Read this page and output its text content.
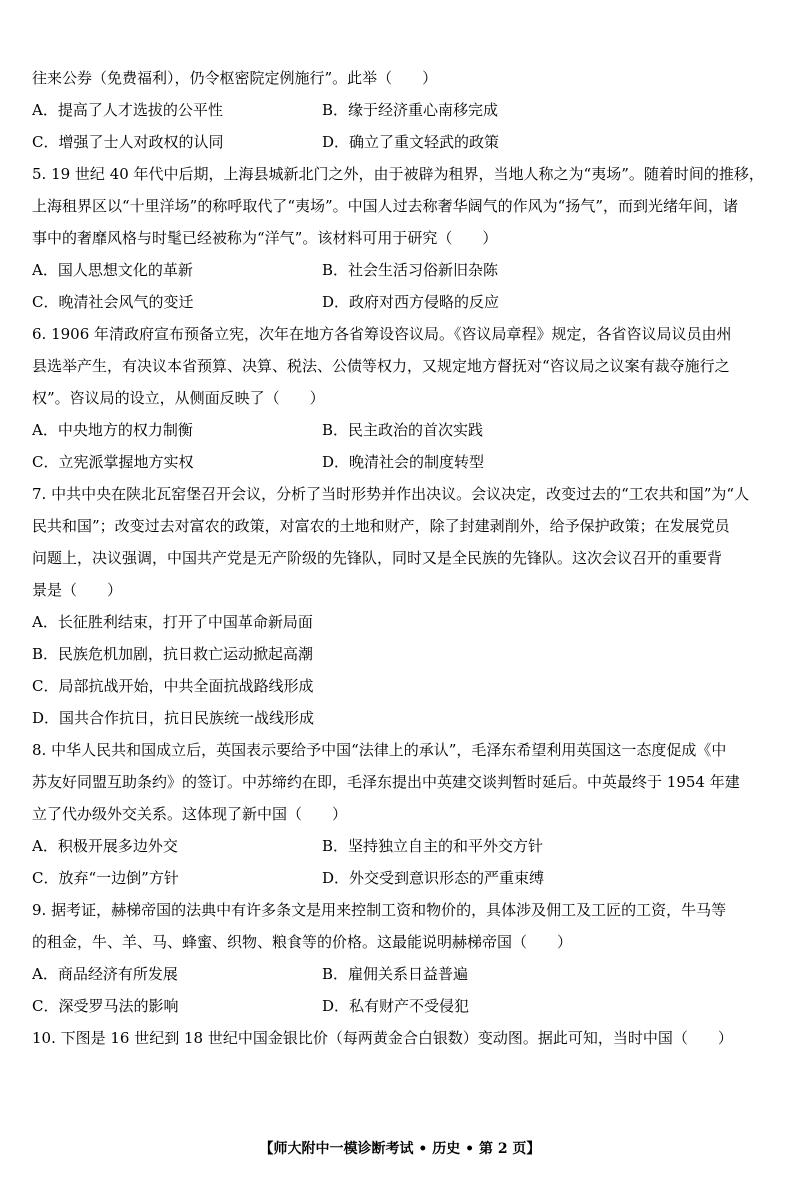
往来公券（免费福利），仍令枢密院定例施行”。此举（　　）
A．提高了人才选拔的公平性	B．缘于经济重心南移完成
C．增强了士人对政权的认同	D．确立了重文轻武的政策
5. 19 世纪 40 年代中后期，上海县城新北门之外，由于被辟为租界，当地人称之为“夷场”。随着时间的推移，
上海租界区以“十里洋场”的称呼取代了“夷场”。中国人过去称奢华阔气的作风为“扬气”，而到光绪年间，诸
事中的奢靡风格与时髦已经被称为“洋气”。该材料可用于研究（　　）
A．国人思想文化的革新	B．社会生活习俗新旧杂陈
C．晚清社会风气的变迁	D．政府对西方侵略的反应
6. 1906 年清政府宣布预备立宪，次年在地方各省筹设咨议局。《咨议局章程》规定，各省咨议局议员由州
县选举产生，有决议本省预算、决算、税法、公债等权力，又规定地方督抚对“咨议局之议案有裁夺施行之
权”。咨议局的设立，从侧面反映了（　　）
A．中央地方的权力制衡	B．民主政治的首次实践
C．立宪派掌握地方实权	D．晚清社会的制度转型
7. 中共中央在陕北瓦窑堡召开会议，分析了当时形势并作出决议。会议决定，改变过去的“工农共和国”为“人
民共和国”；改变过去对富农的政策，对富农的土地和财产，除了封建剥削外，给予保护政策；在发展党员
问题上，决议强调，中国共产党是无产阶级的先锋队，同时又是全民族的先锋队。这次会议召开的重要背
景是（　　）
A．长征胜利结束，打开了中国革命新局面
B．民族危机加剧，抗日救亡运动掀起高潮
C．局部抗战开始，中共全面抗战路线形成
D．国共合作抗日，抗日民族统一战线形成
8. 中华人民共和国成立后，英国表示要给予中国“法律上的承认”，毛泽东希望利用英国这一态度促成《中
苏友好同盟互助条约》的签订。中苏缔约在即，毛泽东提出中英建交谈判暂时延后。中英最终于 1954 年建
立了代办级外交关系。这体现了新中国（　　）
A．积极开展多边外交	B．坚持独立自主的和平外交方针
C．放弃“一边倒”方针	D．外交受到意识形态的严重束缚
9. 据考证，赫梯帝国的法典中有许多条文是用来控制工资和物价的，具体涉及佣工及工匠的工资，牛马等
的租金，牛、羊、马、蜂蜜、织物、粮食等的价格。这最能说明赫梯帝国（　　）
A．商品经济有所发展	B．雇佣关系日益普遍
C．深受罗马法的影响	D．私有财产不受侵犯
10. 下图是 16 世纪到 18 世纪中国金银比价（每两黄金合白银数）变动图。据此可知，当时中国（　　）
【师大附中一模诊断考试 • 历史 • 第 2 页】
